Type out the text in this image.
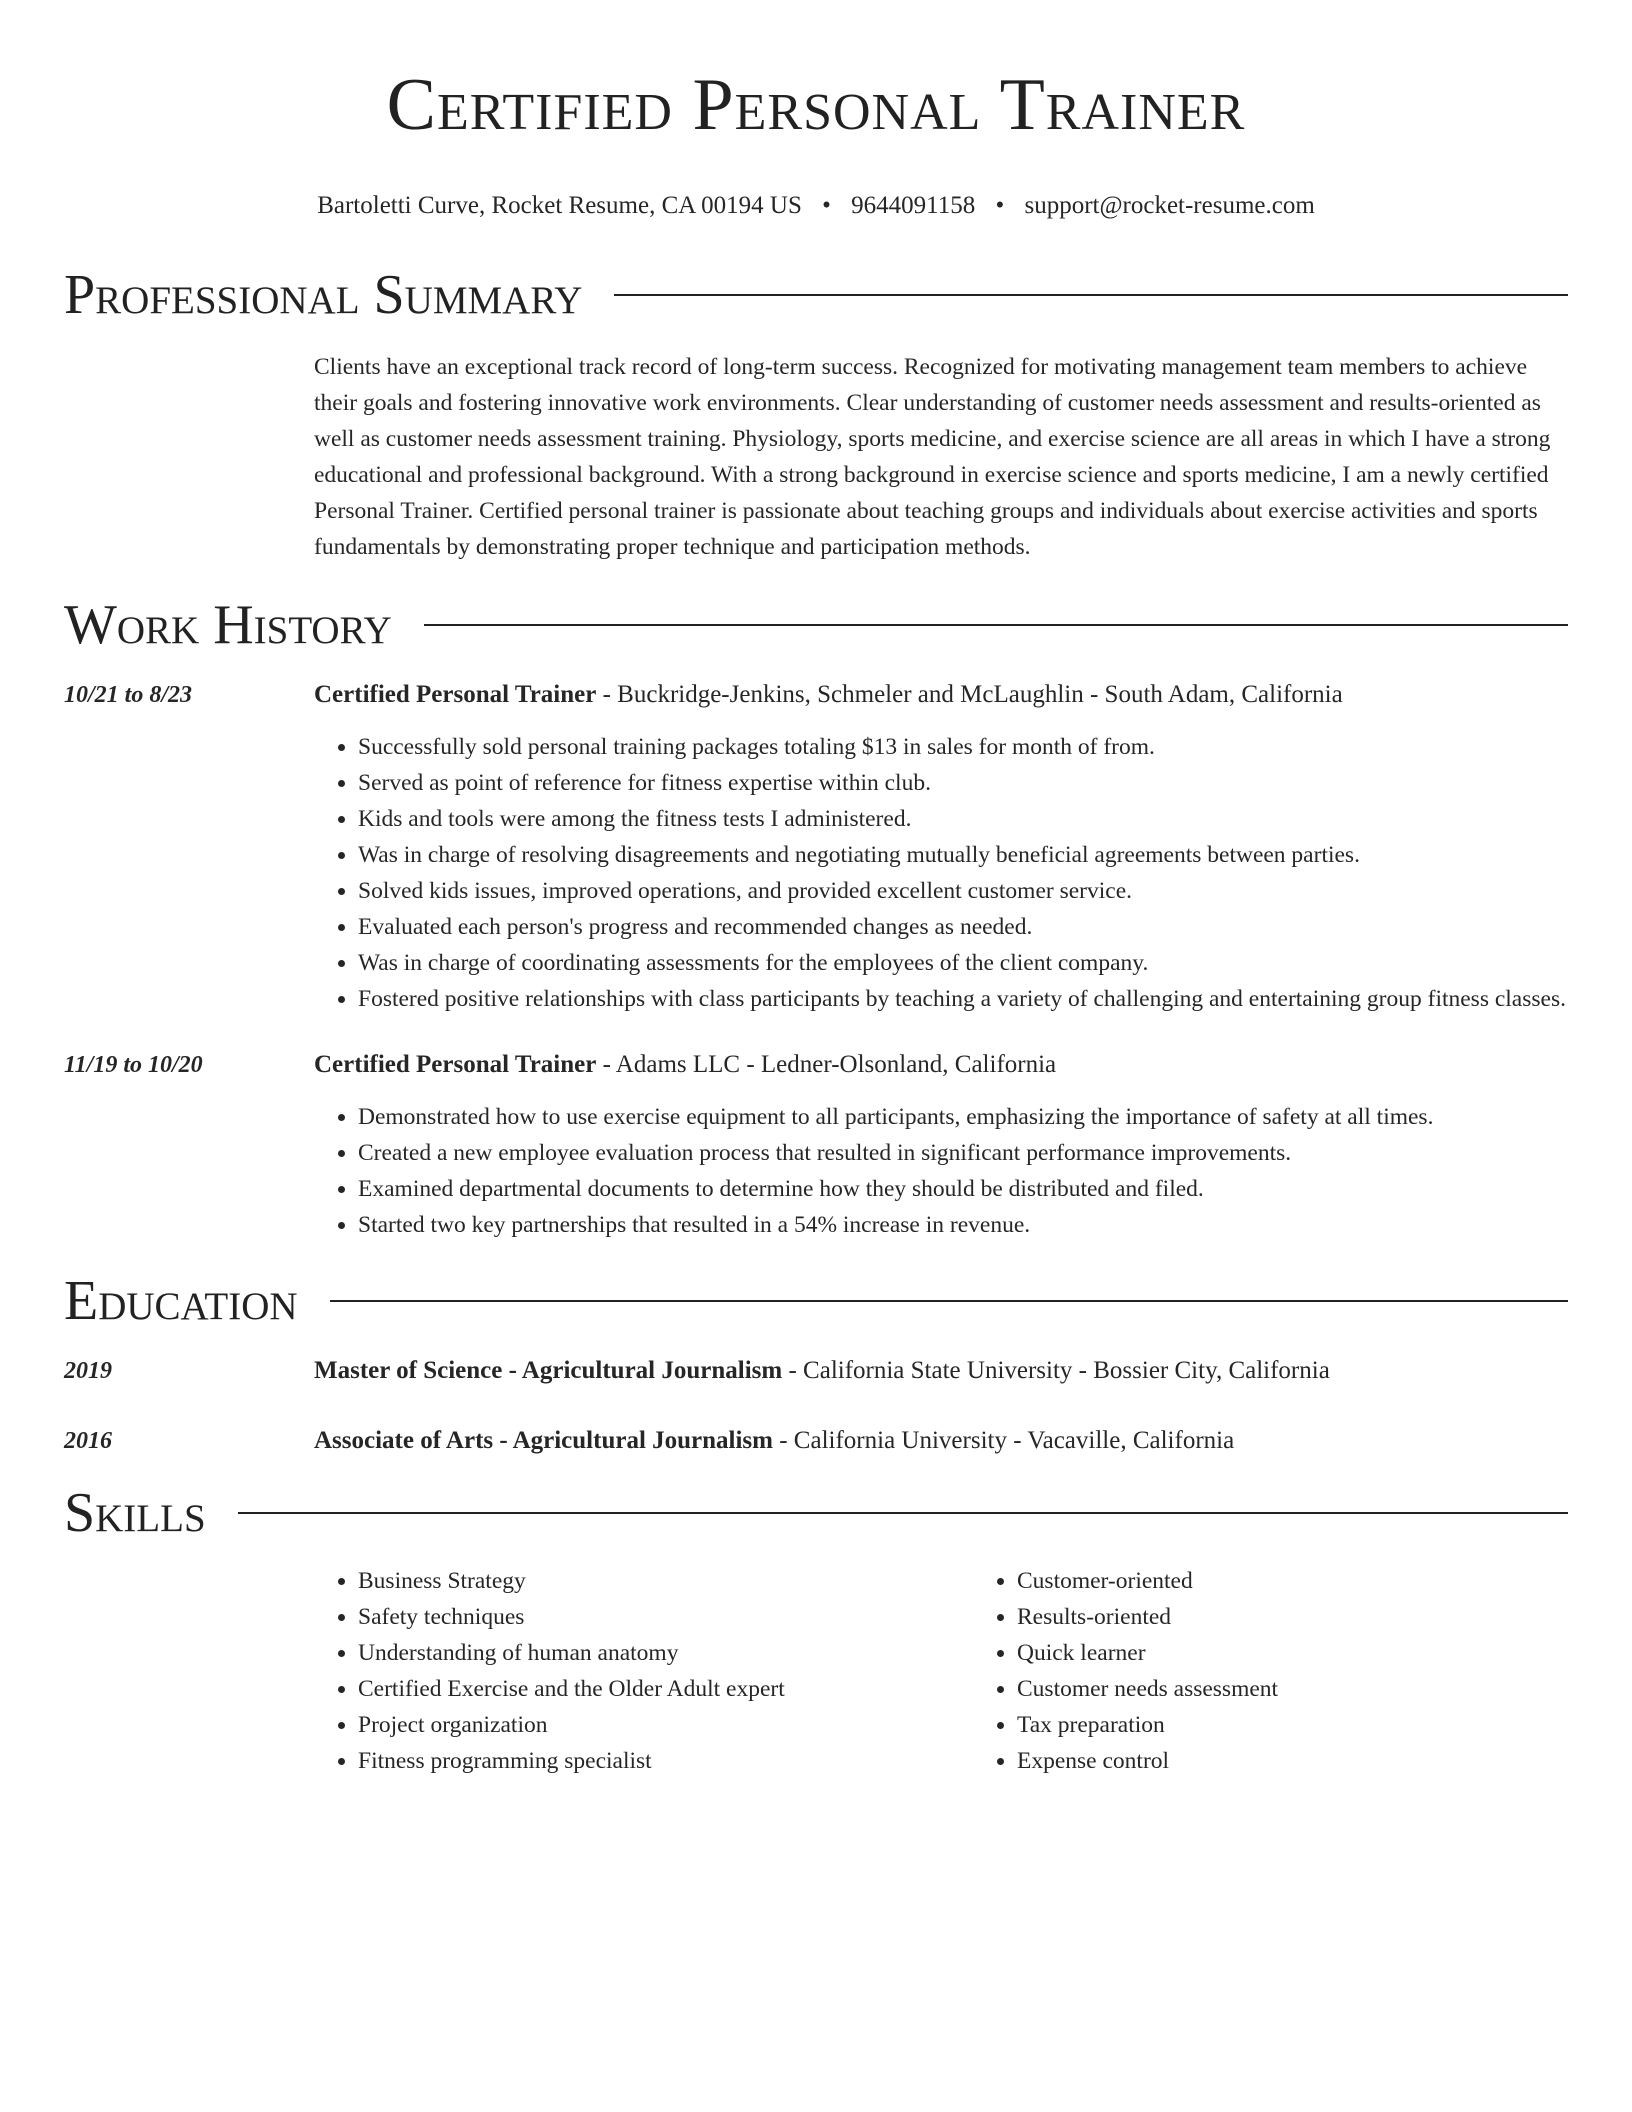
Certified Personal Trainer
Bartoletti Curve, Rocket Resume, CA 00194 US • 9644091158 • support@rocket-resume.com
Professional Summary
Clients have an exceptional track record of long-term success. Recognized for motivating management team members to achieve their goals and fostering innovative work environments. Clear understanding of customer needs assessment and results-oriented as well as customer needs assessment training. Physiology, sports medicine, and exercise science are all areas in which I have a strong educational and professional background. With a strong background in exercise science and sports medicine, I am a newly certified Personal Trainer. Certified personal trainer is passionate about teaching groups and individuals about exercise activities and sports fundamentals by demonstrating proper technique and participation methods.
Work History
10/21 to 8/23	Certified Personal Trainer - Buckridge-Jenkins, Schmeler and McLaughlin - South Adam, California
• Successfully sold personal training packages totaling $13 in sales for month of from.
• Served as point of reference for fitness expertise within club.
• Kids and tools were among the fitness tests I administered.
• Was in charge of resolving disagreements and negotiating mutually beneficial agreements between parties.
• Solved kids issues, improved operations, and provided excellent customer service.
• Evaluated each person's progress and recommended changes as needed.
• Was in charge of coordinating assessments for the employees of the client company.
• Fostered positive relationships with class participants by teaching a variety of challenging and entertaining group fitness classes.
11/19 to 10/20	Certified Personal Trainer - Adams LLC - Ledner-Olsonland, California
• Demonstrated how to use exercise equipment to all participants, emphasizing the importance of safety at all times.
• Created a new employee evaluation process that resulted in significant performance improvements.
• Examined departmental documents to determine how they should be distributed and filed.
• Started two key partnerships that resulted in a 54% increase in revenue.
Education
2019	Master of Science - Agricultural Journalism - California State University - Bossier City, California
2016	Associate of Arts - Agricultural Journalism - California University - Vacaville, California
Skills
• Business Strategy
• Safety techniques
• Understanding of human anatomy
• Certified Exercise and the Older Adult expert
• Project organization
• Fitness programming specialist
• Customer-oriented
• Results-oriented
• Quick learner
• Customer needs assessment
• Tax preparation
• Expense control
